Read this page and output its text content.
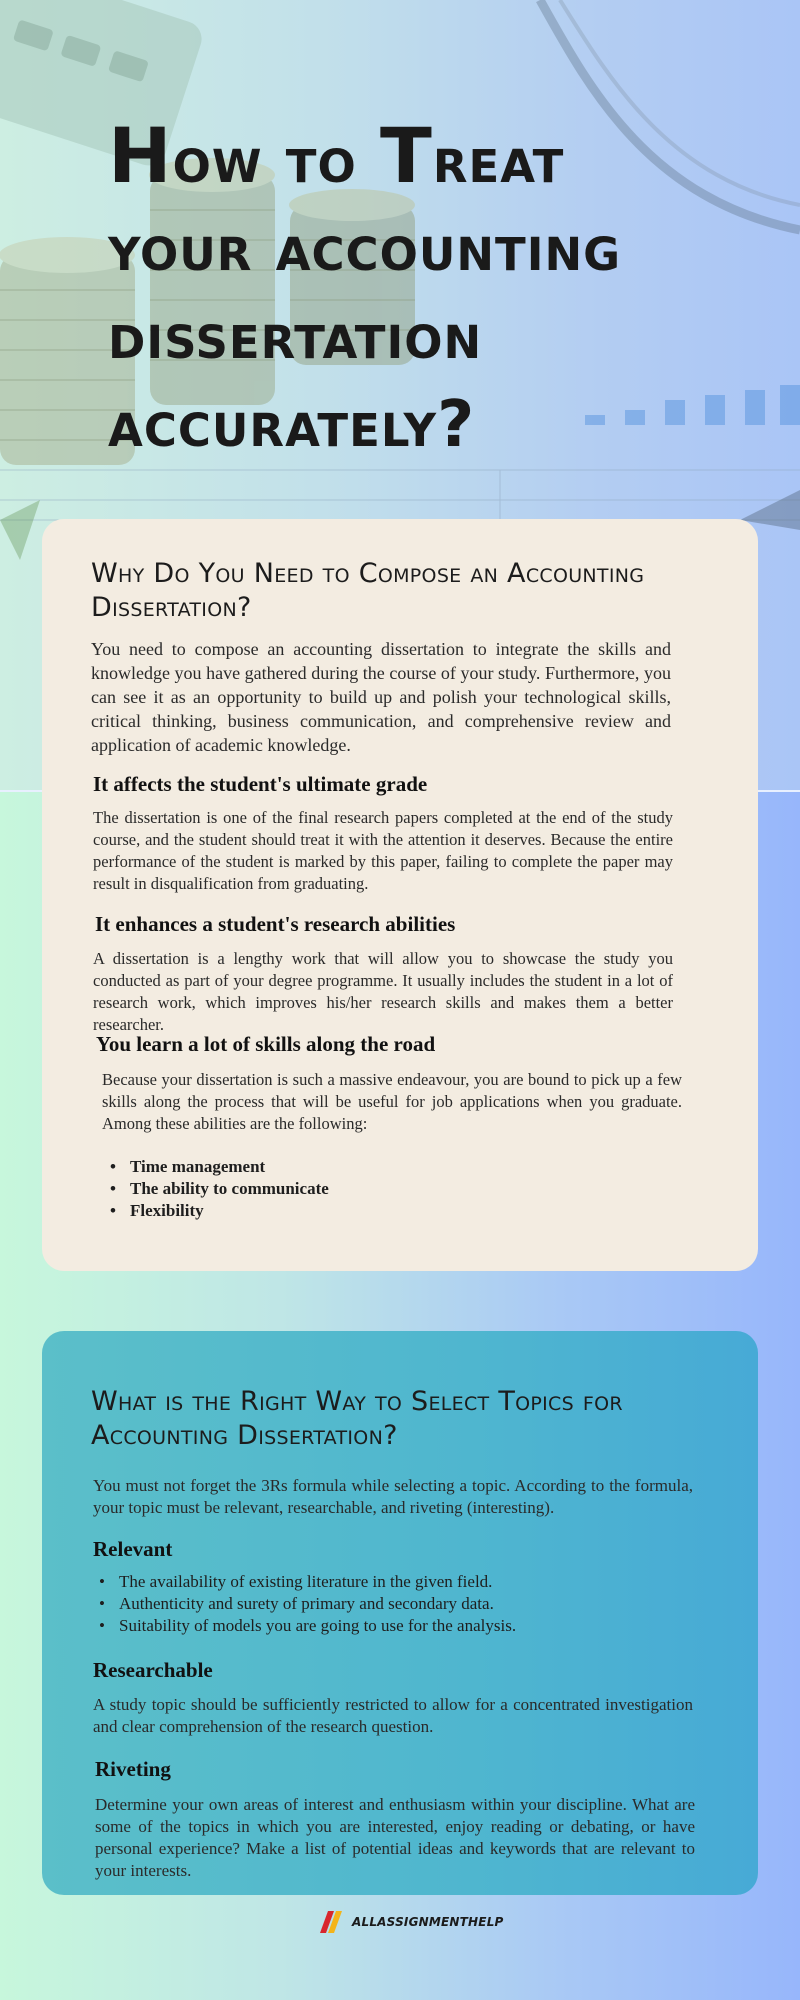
How to Treat
your accounting
dissertation
accurately?
Why Do You Need to Compose an Accounting Dissertation?
You need to compose an accounting dissertation to integrate the skills and knowledge you have gathered during the course of your study. Furthermore, you can see it as an opportunity to build up and polish your technological skills, critical thinking, business communication, and comprehensive review and application of academic knowledge.
It affects the student's ultimate grade
The dissertation is one of the final research papers completed at the end of the study course, and the student should treat it with the attention it deserves. Because the entire performance of the student is marked by this paper, failing to complete the paper may result in disqualification from graduating.
It enhances a student's research abilities
A dissertation is a lengthy work that will allow you to showcase the study you conducted as part of your degree programme. It usually includes the student in a lot of research work, which improves his/her research skills and makes them a better researcher.
You learn a lot of skills along the road
Because your dissertation is such a massive endeavour, you are bound to pick up a few skills along the process that will be useful for job applications when you graduate. Among these abilities are the following:
• Time management
• The ability to communicate
• Flexibility
What is the Right Way to Select Topics for Accounting Dissertation?
You must not forget the 3Rs formula while selecting a topic. According to the formula, your topic must be relevant, researchable, and riveting (interesting).
Relevant
• The availability of existing literature in the given field.
• Authenticity and surety of primary and secondary data.
• Suitability of models you are going to use for the analysis.
Researchable
A study topic should be sufficiently restricted to allow for a concentrated investigation and clear comprehension of the research question.
Riveting
Determine your own areas of interest and enthusiasm within your discipline. What are some of the topics in which you are interested, enjoy reading or debating, or have personal experience? Make a list of potential ideas and keywords that are relevant to your interests.
ALLASSIGNMENTHELP
